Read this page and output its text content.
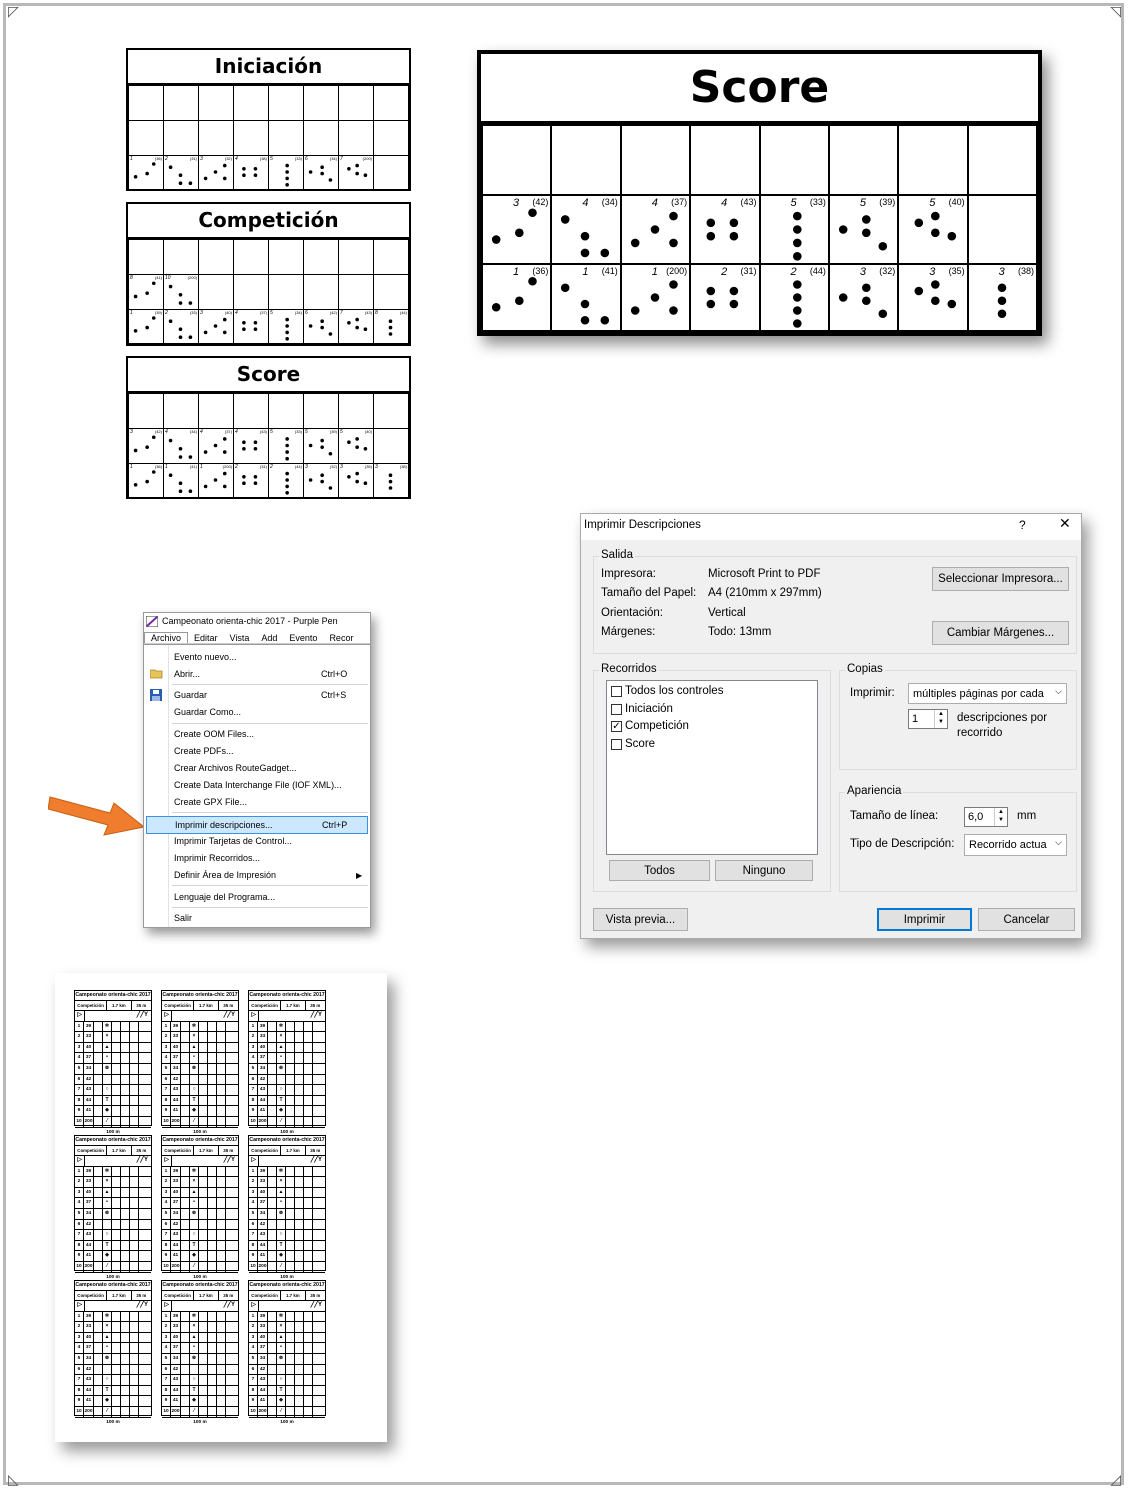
◸	◹
◺	◿
Iniciación

1 (36)	2 (31)	3 (32)	4 (38)	5 (33)	6 (34)	7 (200)	

Competición

8 (41)	10 (200)						

1 (39)	2 (33)	3 (40)	4 (37)	5 (34)	6 (42)	7 (43)	8 (44)
Score

3 (42)	4 (34)	4 (37)	4 (43)	5 (33)	5 (39)	5 (40)	

1 (36)	1 (41)	1 (200)	2 (31)	2 (44)	3 (32)	3 (35)	3 (38)
Score

3 (42)	4 (34)	4 (37)	4 (43)	5 (33)	5 (39)	5 (40)	

1 (36)	1 (41)	1 (200)	2 (31)	2 (44)	3 (32)	3 (35)	3 (38)
Campeonato orienta-chic 2017 - Purple Pen
Archivo	Editar	Vista	Add	Evento	Recor
Evento nuevo...
Abrir...	Ctrl+O
Guardar	Ctrl+S
Guardar Como...
Create OOM Files...
Create PDFs...
Crear Archivos RouteGadget...
Create Data Interchange File (IOF XML)...
Create GPX File...
Imprimir descripciones...	Ctrl+P
Imprimir Tarjetas de Control...
Imprimir Recorridos...
Definir Área de Impresión	▶
Lenguaje del Programa...
Salir
Imprimir Descripciones	? ✕
Salida
Impresora:	Microsoft Print to PDF
Tamaño del Papel: A4 (210mm x 297mm)
Orientación:	Vertical
Márgenes:	Todo: 13mm
Seleccionar Impresora...
Cambiar Márgenes...
Recorridos
Todos los controles
Iniciación
✓ Competición
Score
Todos	Ninguno
Copias
Imprimir: múltiples páginas por cada ⌵
1	▲
▼ descripciones por
recorrido
Apariencia
Tamaño de línea:	6,0	▲
▼ mm
Tipo de Descripción: Recorrido actua ⌵
Vista previa...	Imprimir	Cancelar
Campeonato orienta-chic 2017
Competición	1.7 km	35 m
▷	╱╱Y
1	39	✲
2	33	×
3	40	▲
4	37	•
5	34	⊗
6	42
7	43	○
8	44	T
9	41	◈
10 200	⁄
100 m
Campeonato orienta-chic 2017
Competición	1.7 km	35 m
▷	╱╱Y
1	39	✲
2	33	×
3	40	▲
4	37	•
5	34	⊗
6	42
7	43	○
8	44	T
9	41	◈
10 200	⁄
100 m
Campeonato orienta-chic 2017
Competición	1.7 km	35 m
▷	╱╱Y
1	39	✲
2	33	×
3	40	▲
4	37	•
5	34	⊗
6	42
7	43	○
8	44	T
9	41	◈
10 200	⁄
100 m
Campeonato orienta-chic 2017
Competición	1.7 km	35 m
▷	╱╱Y
1	39	✲
2	33	×
3	40	▲
4	37	•
5	34	⊗
6	42
7	43	○
8	44	T
9	41	◈
10 200	⁄
100 m
Campeonato orienta-chic 2017
Competición	1.7 km	35 m
▷	╱╱Y
1	39	✲
2	33	×
3	40	▲
4	37	•
5	34	⊗
6	42
7	43	○
8	44	T
9	41	◈
10 200	⁄
100 m
Campeonato orienta-chic 2017
Competición	1.7 km	35 m
▷	╱╱Y
1	39	✲
2	33	×
3	40	▲
4	37	•
5	34	⊗
6	42
7	43	○
8	44	T
9	41	◈
10 200	⁄
100 m
Campeonato orienta-chic 2017
Competición	1.7 km	35 m
▷	╱╱Y
1	39	✲
2	33	×
3	40	▲
4	37	•
5	34	⊗
6	42
7	43	○
8	44	T
9	41	◈
10 200	⁄
100 m
Campeonato orienta-chic 2017
Competición	1.7 km	35 m
▷	╱╱Y
1	39	✲
2	33	×
3	40	▲
4	37	•
5	34	⊗
6	42
7	43	○
8	44	T
9	41	◈
10 200	⁄
100 m
Campeonato orienta-chic 2017
Competición	1.7 km	35 m
▷	╱╱Y
1	39	✲
2	33	×
3	40	▲
4	37	•
5	34	⊗
6	42
7	43	○
8	44	T
9	41	◈
10 200	⁄
100 m
